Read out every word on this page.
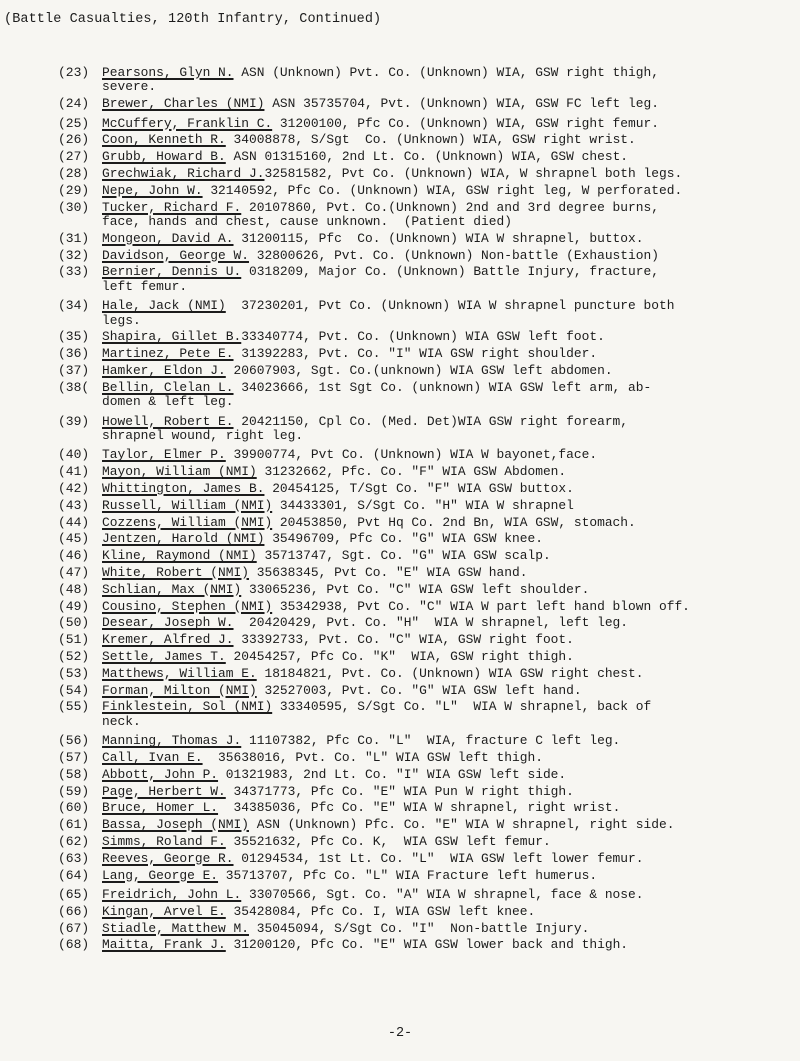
(Battle Casualties, 120th Infantry, Continued)
(23) Pearsons, Glyn N. ASN (Unknown) Pvt. Co. (Unknown) WIA, GSW right thigh,
severe.
(24) Brewer, Charles (NMI) ASN 35735704, Pvt. (Unknown) WIA, GSW FC left leg.
(25) McCuffery, Franklin C. 31200100, Pfc Co. (Unknown) WIA, GSW right femur.
(26) Coon, Kenneth R. 34008878, S/Sgt  Co. (Unknown) WIA, GSW right wrist.
(27) Grubb, Howard B. ASN 01315160, 2nd Lt. Co. (Unknown) WIA, GSW chest.
(28) Grechwiak, Richard J.32581582, Pvt Co. (Unknown) WIA, W shrapnel both legs.
(29) Nepe, John W. 32140592, Pfc Co. (Unknown) WIA, GSW right leg, W perforated.
(30) Tucker, Richard F. 20107860, Pvt. Co.(Unknown) 2nd and 3rd degree burns,
face, hands and chest, cause unknown.  (Patient died)
(31) Mongeon, David A. 31200115, Pfc  Co. (Unknown) WIA W shrapnel, buttox.
(32) Davidson, George W. 32800626, Pvt. Co. (Unknown) Non-battle (Exhaustion)
(33) Bernier, Dennis U. 0318209, Major Co. (Unknown) Battle Injury, fracture,
left femur.
(34) Hale, Jack (NMI)  37230201, Pvt Co. (Unknown) WIA W shrapnel puncture both
legs.
(35) Shapira, Gillet B.33340774, Pvt. Co. (Unknown) WIA GSW left foot.
(36) Martinez, Pete E. 31392283, Pvt. Co. "I" WIA GSW right shoulder.
(37) Hamker, Eldon J. 20607903, Sgt. Co.(unknown) WIA GSW left abdomen.
(38( Bellin, Clelan L. 34023666, 1st Sgt Co. (unknown) WIA GSW left arm, ab-
domen & left leg.
(39) Howell, Robert E. 20421150, Cpl Co. (Med. Det)WIA GSW right forearm,
shrapnel wound, right leg.
(40) Taylor, Elmer P. 39900774, Pvt Co. (Unknown) WIA W bayonet,face.
(41) Mayon, William (NMI) 31232662, Pfc. Co. "F" WIA GSW Abdomen.
(42) Whittington, James B. 20454125, T/Sgt Co. "F" WIA GSW buttox.
(43) Russell, William (NMI) 34433301, S/Sgt Co. "H" WIA W shrapnel
(44) Cozzens, William (NMI) 20453850, Pvt Hq Co. 2nd Bn, WIA GSW, stomach.
(45) Jentzen, Harold (NMI) 35496709, Pfc Co. "G" WIA GSW knee.
(46) Kline, Raymond (NMI) 35713747, Sgt. Co. "G" WIA GSW scalp.
(47) White, Robert (NMI) 35638345, Pvt Co. "E" WIA GSW hand.
(48) Schlian, Max (NMI) 33065236, Pvt Co. "C" WIA GSW left shoulder.
(49) Cousino, Stephen (NMI) 35342938, Pvt Co. "C" WIA W part left hand blown off.
(50) Desear, Joseph W.  20420429, Pvt. Co. "H"  WIA W shrapnel, left leg.
(51) Kremer, Alfred J. 33392733, Pvt. Co. "C" WIA, GSW right foot.
(52) Settle, James T. 20454257, Pfc Co. "K"  WIA, GSW right thigh.
(53) Matthews, William E. 18184821, Pvt. Co. (Unknown) WIA GSW right chest.
(54) Forman, Milton (NMI) 32527003, Pvt. Co. "G" WIA GSW left hand.
(55) Finklestein, Sol (NMI) 33340595, S/Sgt Co. "L"  WIA W shrapnel, back of
neck.
(56) Manning, Thomas J. 11107382, Pfc Co. "L"  WIA, fracture C left leg.
(57) Call, Ivan E.  35638016, Pvt. Co. "L" WIA GSW left thigh.
(58) Abbott, John P. 01321983, 2nd Lt. Co. "I" WIA GSW left side.
(59) Page, Herbert W. 34371773, Pfc Co. "E" WIA Pun W right thigh.
(60) Bruce, Homer L.  34385036, Pfc Co. "E" WIA W shrapnel, right wrist.
(61) Bassa, Joseph (NMI) ASN (Unknown) Pfc. Co. "E" WIA W shrapnel, right side.
(62) Simms, Roland F. 35521632, Pfc Co. K,  WIA GSW left femur.
(63) Reeves, George R. 01294534, 1st Lt. Co. "L"  WIA GSW left lower femur.
(64) Lang, George E. 35713707, Pfc Co. "L" WIA Fracture left humerus.
(65) Freidrich, John L. 33070566, Sgt. Co. "A" WIA W shrapnel, face & nose.
(66) Kingan, Arvel E. 35428084, Pfc Co. I, WIA GSW left knee.
(67) Stiadle, Matthew M. 35045094, S/Sgt Co. "I"  Non-battle Injury.
(68) Maitta, Frank J. 31200120, Pfc Co. "E" WIA GSW lower back and thigh.
-2-
